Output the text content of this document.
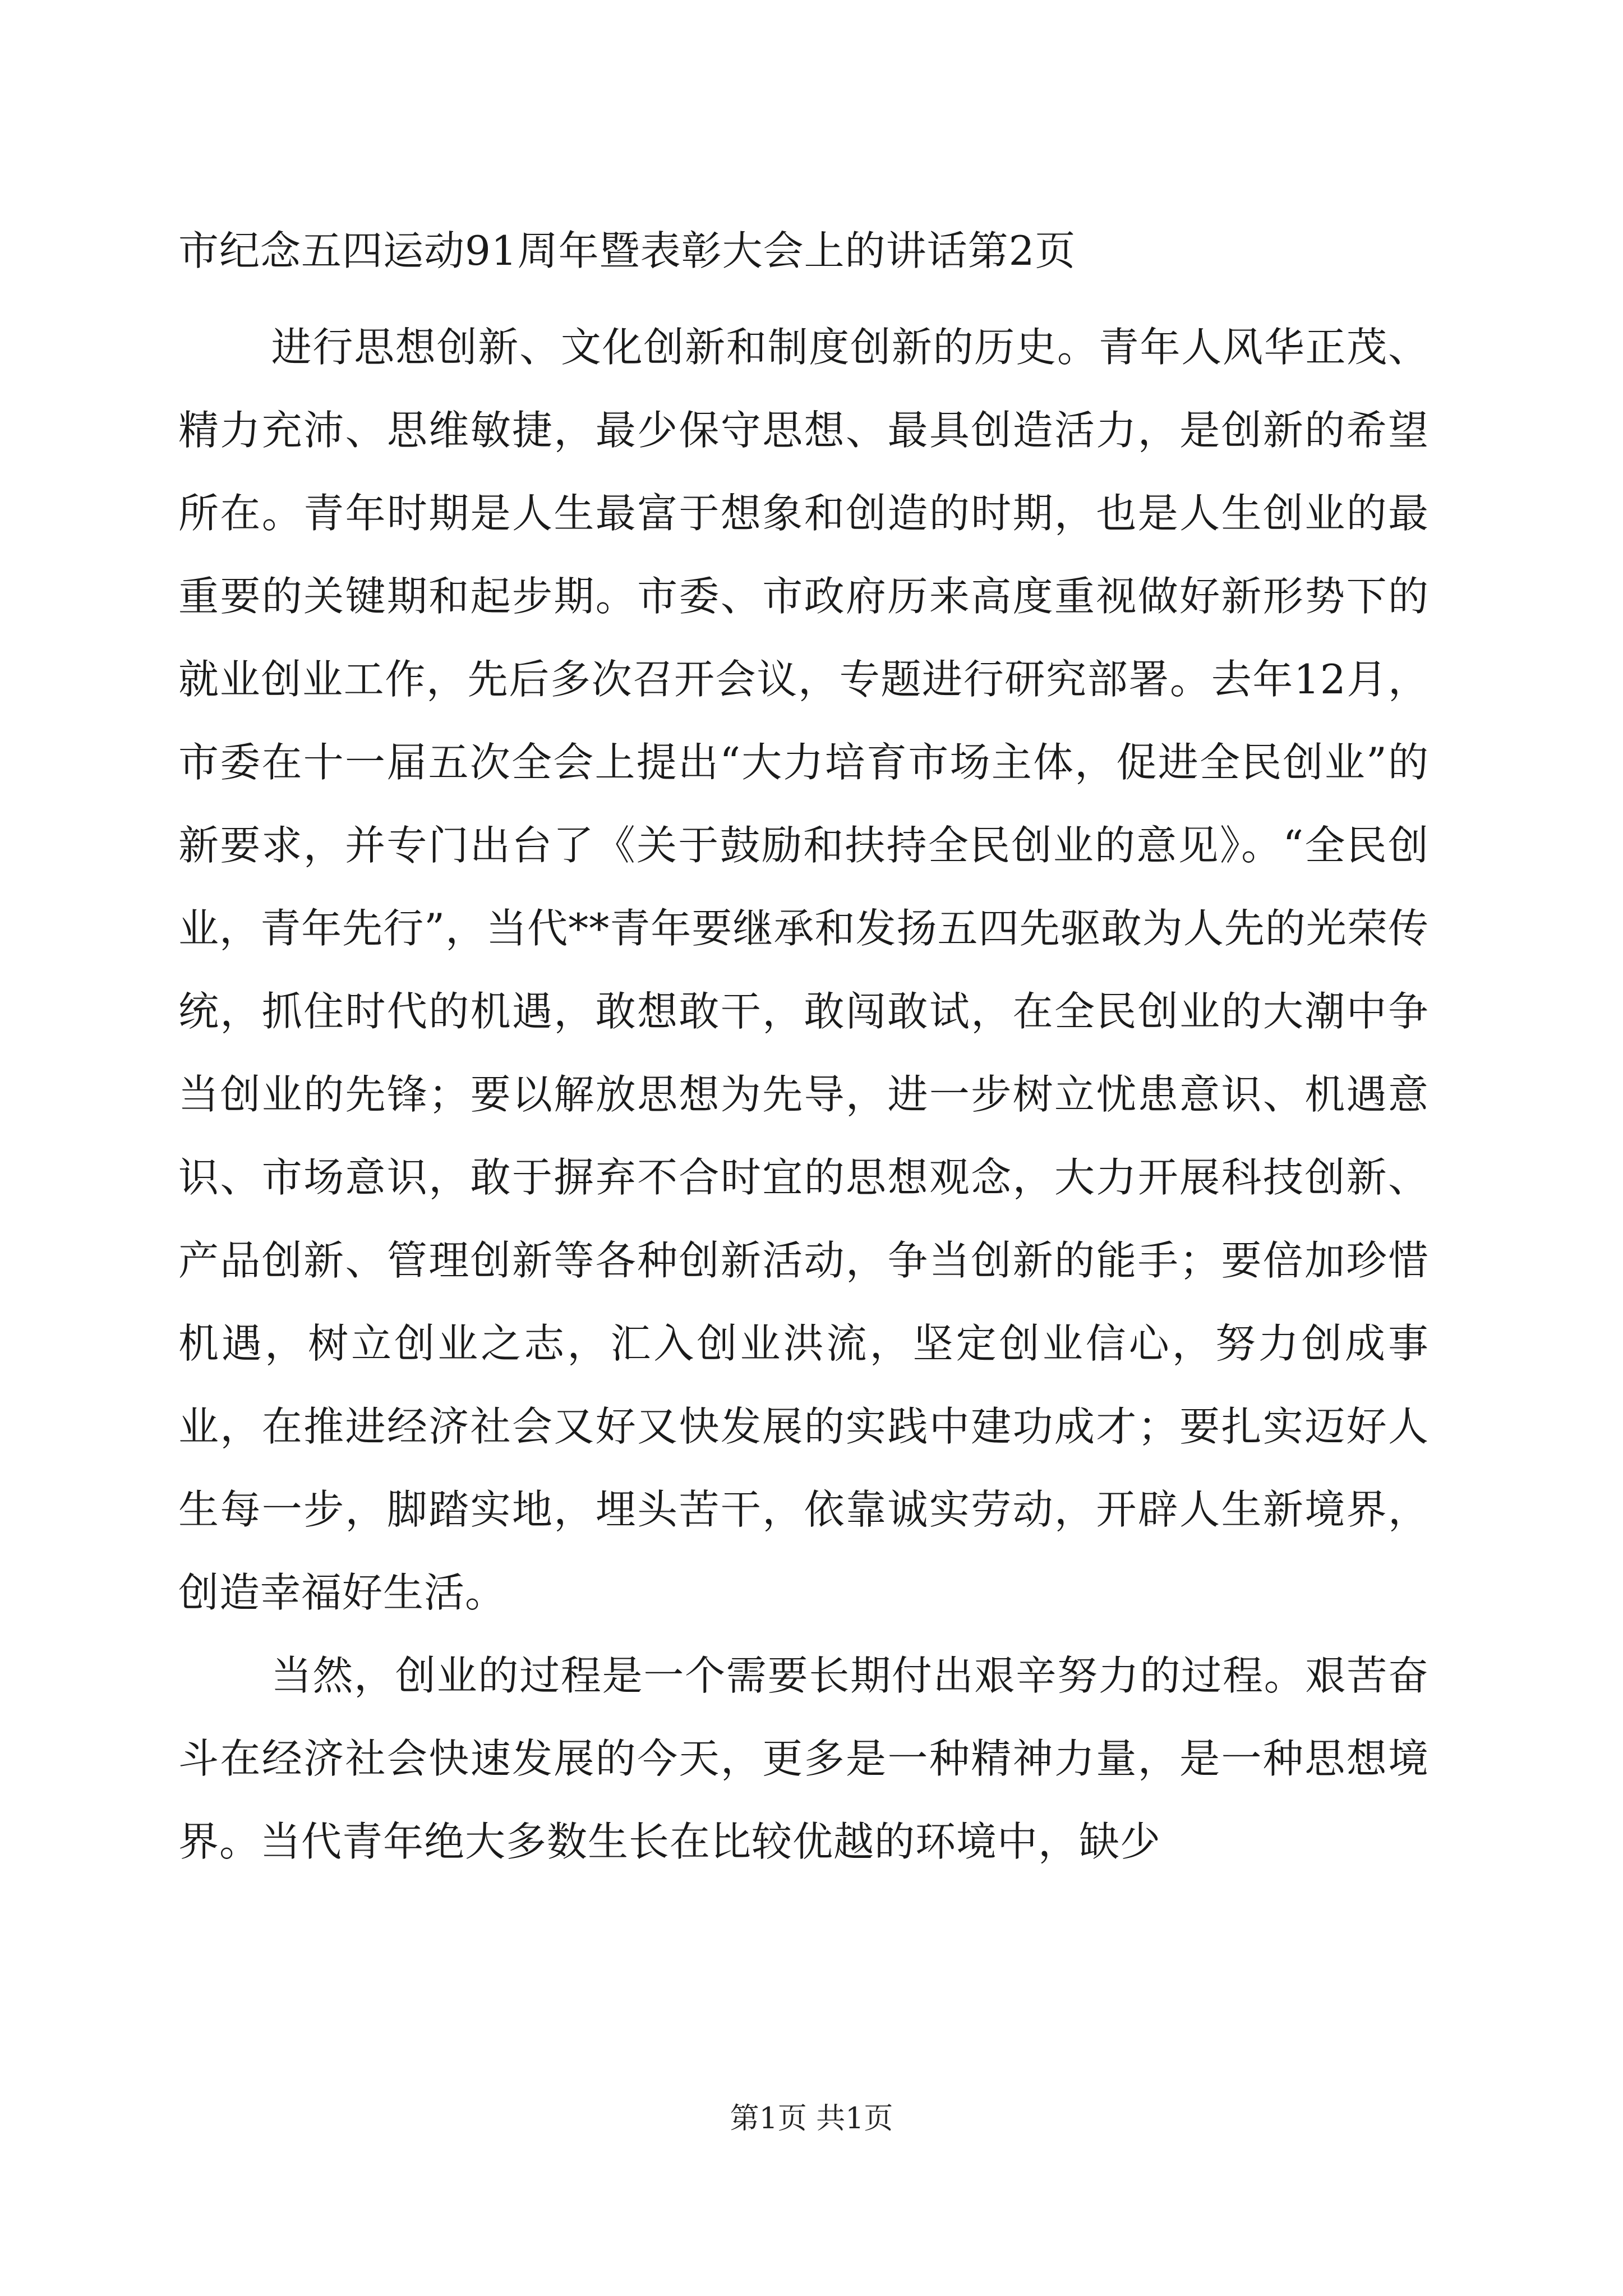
市纪念五四运动91周年暨表彰大会上的讲话第2页

进行思想创新、文化创新和制度创新的历史。青年人风华正茂、精力充沛、思维敏捷，最少保守思想、最具创造活力，是创新的希望所在。青年时期是人生最富于想象和创造的时期，也是人生创业的最重要的关键期和起步期。市委、市政府历来高度重视做好新形势下的就业创业工作，先后多次召开会议，专题进行研究部署。去年12月，市委在十一届五次全会上提出“大力培育市场主体，促进全民创业”的新要求，并专门出台了《关于鼓励和扶持全民创业的意见》。“全民创业，青年先行”，当代**青年要继承和发扬五四先驱敢为人先的光荣传统，抓住时代的机遇，敢想敢干，敢闯敢试，在全民创业的大潮中争当创业的先锋；要以解放思想为先导，进一步树立忧患意识、机遇意识、市场意识，敢于摒弃不合时宜的思想观念，大力开展科技创新、产品创新、管理创新等各种创新活动，争当创新的能手；要倍加珍惜机遇，树立创业之志，汇入创业洪流，坚定创业信心，努力创成事业，在推进经济社会又好又快发展的实践中建功成才；要扎实迈好人生每一步，脚踏实地，埋头苦干，依靠诚实劳动，开辟人生新境界，创造幸福好生活。

当然，创业的过程是一个需要长期付出艰辛努力的过程。艰苦奋斗在经济社会快速发展的今天，更多是一种精神力量，是一种思想境界。当代青年绝大多数生长在比较优越的环境中，缺少

第1页 共1页
